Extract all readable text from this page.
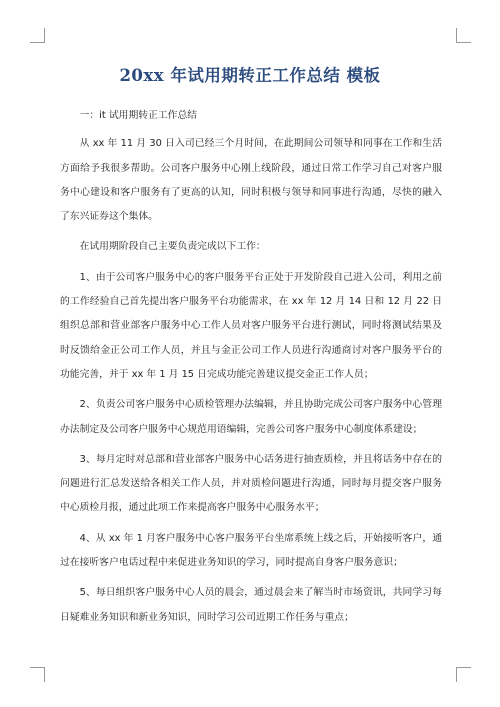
20xx 年试用期转正工作总结 模板

一：it 试用期转正工作总结

从 xx 年 11 月 30 日入司已经三个月时间，在此期间公司领导和同事在工作和生活方面给予我很多帮助。公司客户服务中心刚上线阶段，通过日常工作学习自己对客户服务中心建设和客户服务有了更高的认知，同时积极与领导和同事进行沟通，尽快的融入了东兴证券这个集体。

在试用期阶段自己主要负责完成以下工作：

1、由于公司客户服务中心的客户服务平台正处于开发阶段自己进入公司，利用之前的工作经验自己首先提出客户服务平台功能需求，在 xx 年 12 月 14 日和 12 月 22 日组织总部和营业部客户服务中心工作人员对客户服务平台进行测试，同时将测试结果及时反馈给金正公司工作人员，并且与金正公司工作人员进行沟通商讨对客户服务平台的功能完善，并于 xx 年 1 月 15 日完成功能完善建议提交金正工作人员；

2、负责公司客户服务中心质检管理办法编辑，并且协助完成公司客户服务中心管理办法制定及公司客户服务中心规范用语编辑，完善公司客户服务中心制度体系建设；

3、每月定时对总部和营业部客户服务中心话务进行抽查质检，并且将话务中存在的问题进行汇总发送给各相关工作人员，并对质检问题进行沟通，同时每月提交客户服务中心质检月报，通过此项工作来提高客户服务中心服务水平；

4、从 xx 年 1 月客户服务中心客户服务平台坐席系统上线之后，开始接听客户，通过在接听客户电话过程中来促进业务知识的学习，同时提高自身客户服务意识；

5、每日组织客户服务中心人员的晨会，通过晨会来了解当时市场资讯，共同学习每日疑难业务知识和新业务知识，同时学习公司近期工作任务与重点；
